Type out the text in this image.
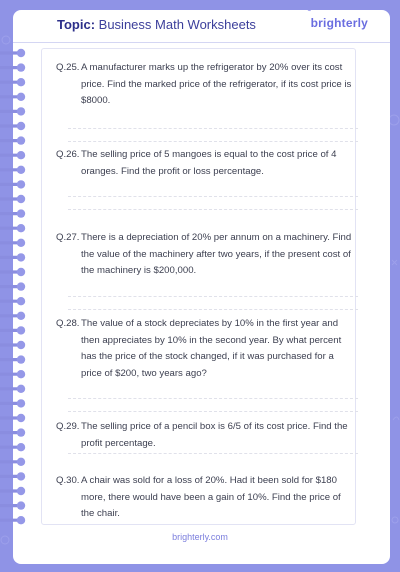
Topic: Business Math Worksheets
~
brighterly
Q.25. A manufacturer marks up the refrigerator by 20% over its cost price. Find the marked price of the refrigerator, if its cost price is $8000.
Q.26. The selling price of 5 mangoes is equal to the cost price of 4 oranges. Find the profit or loss percentage.
Q.27. There is a depreciation of 20% per annum on a machinery. Find the value of the machinery after two years, if the present cost of the machinery is $200,000.
Q.28. The value of a stock depreciates by 10% in the first year and then appreciates by 10% in the second year. By what percent has the price of the stock changed, if it was purchased for a price of $200, two years ago?
Q.29. The selling price of a pencil box is 6/5 of its cost price. Find the profit percentage.
Q.30. A chair was sold for a loss of 20%. Had it been sold for $180 more, there would have been a gain of 10%. Find the price of the chair.
brighterly.com
